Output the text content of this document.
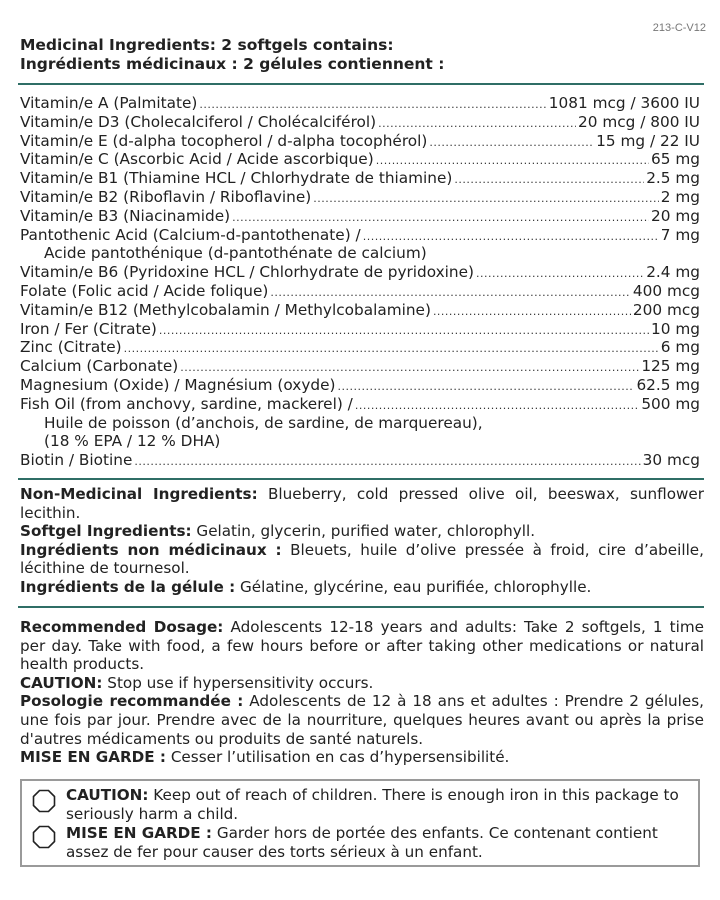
213-C-V12
Medicinal Ingredients: 2 softgels contains:
Ingrédients médicinaux : 2 gélules contiennent :
Vitamin/e A (Palmitate) .....	1081 mcg / 3600 IU
Vitamin/e D3 (Cholecalciferol / Cholécalciférol) .....	20 mcg / 800 IU
Vitamin/e E (d-alpha tocopherol / d-alpha tocophérol) .....	15 mg / 22 IU
Vitamin/e C (Ascorbic Acid / Acide ascorbique) .....	65 mg
Vitamin/e B1 (Thiamine HCL / Chlorhydrate de thiamine) .....	2.5 mg
Vitamin/e B2 (Riboflavin / Riboflavine) .....	2 mg
Vitamin/e B3 (Niacinamide) .....	20 mg
Pantothenic Acid (Calcium-d-pantothenate) / .....	7 mg
Acide pantothénique (d-pantothénate de calcium)
Vitamin/e B6 (Pyridoxine HCL / Chlorhydrate de pyridoxine) .....	2.4 mg
Folate (Folic acid / Acide folique) .....	400 mcg
Vitamin/e B12 (Methylcobalamin / Methylcobalamine) .....	200 mcg
Iron / Fer (Citrate) .....	10 mg
Zinc (Citrate) .....	6 mg
Calcium (Carbonate) .....	125 mg
Magnesium (Oxide) / Magnésium (oxyde) .....	62.5 mg
Fish Oil (from anchovy, sardine, mackerel) / .....	500 mg
Huile de poisson (d’anchois, de sardine, de marquereau),
(18 % EPA / 12 % DHA)
Biotin / Biotine .....	30 mcg

Non-Medicinal Ingredients: Blueberry, cold pressed olive oil, beeswax, sunflower lecithin.

Softgel Ingredients: Gelatin, glycerin, purified water, chlorophyll.

Ingrédients non médicinaux : Bleuets, huile d’olive pressée à froid, cire d’abeille, lécithine de tournesol.

Ingrédients de la gélule : Gélatine, glycérine, eau purifiée, chlorophylle.

Recommended Dosage: Adolescents 12-18 years and adults: Take 2 softgels, 1 time per day. Take with food, a few hours before or after taking other medications or natural health products.

CAUTION: Stop use if hypersensitivity occurs.

Posologie recommandée : Adolescents de 12 à 18 ans et adultes : Prendre 2 gélules, une fois par jour. Prendre avec de la nourriture, quelques heures avant ou après la prise d'autres médicaments ou produits de santé naturels.

MISE EN GARDE : Cesser l’utilisation en cas d’hypersensibilité.

CAUTION: Keep out of reach of children. There is enough iron in this package to seriously harm a child.
MISE EN GARDE : Garder hors de portée des enfants. Ce contenant contient assez de fer pour causer des torts sérieux à un enfant.
